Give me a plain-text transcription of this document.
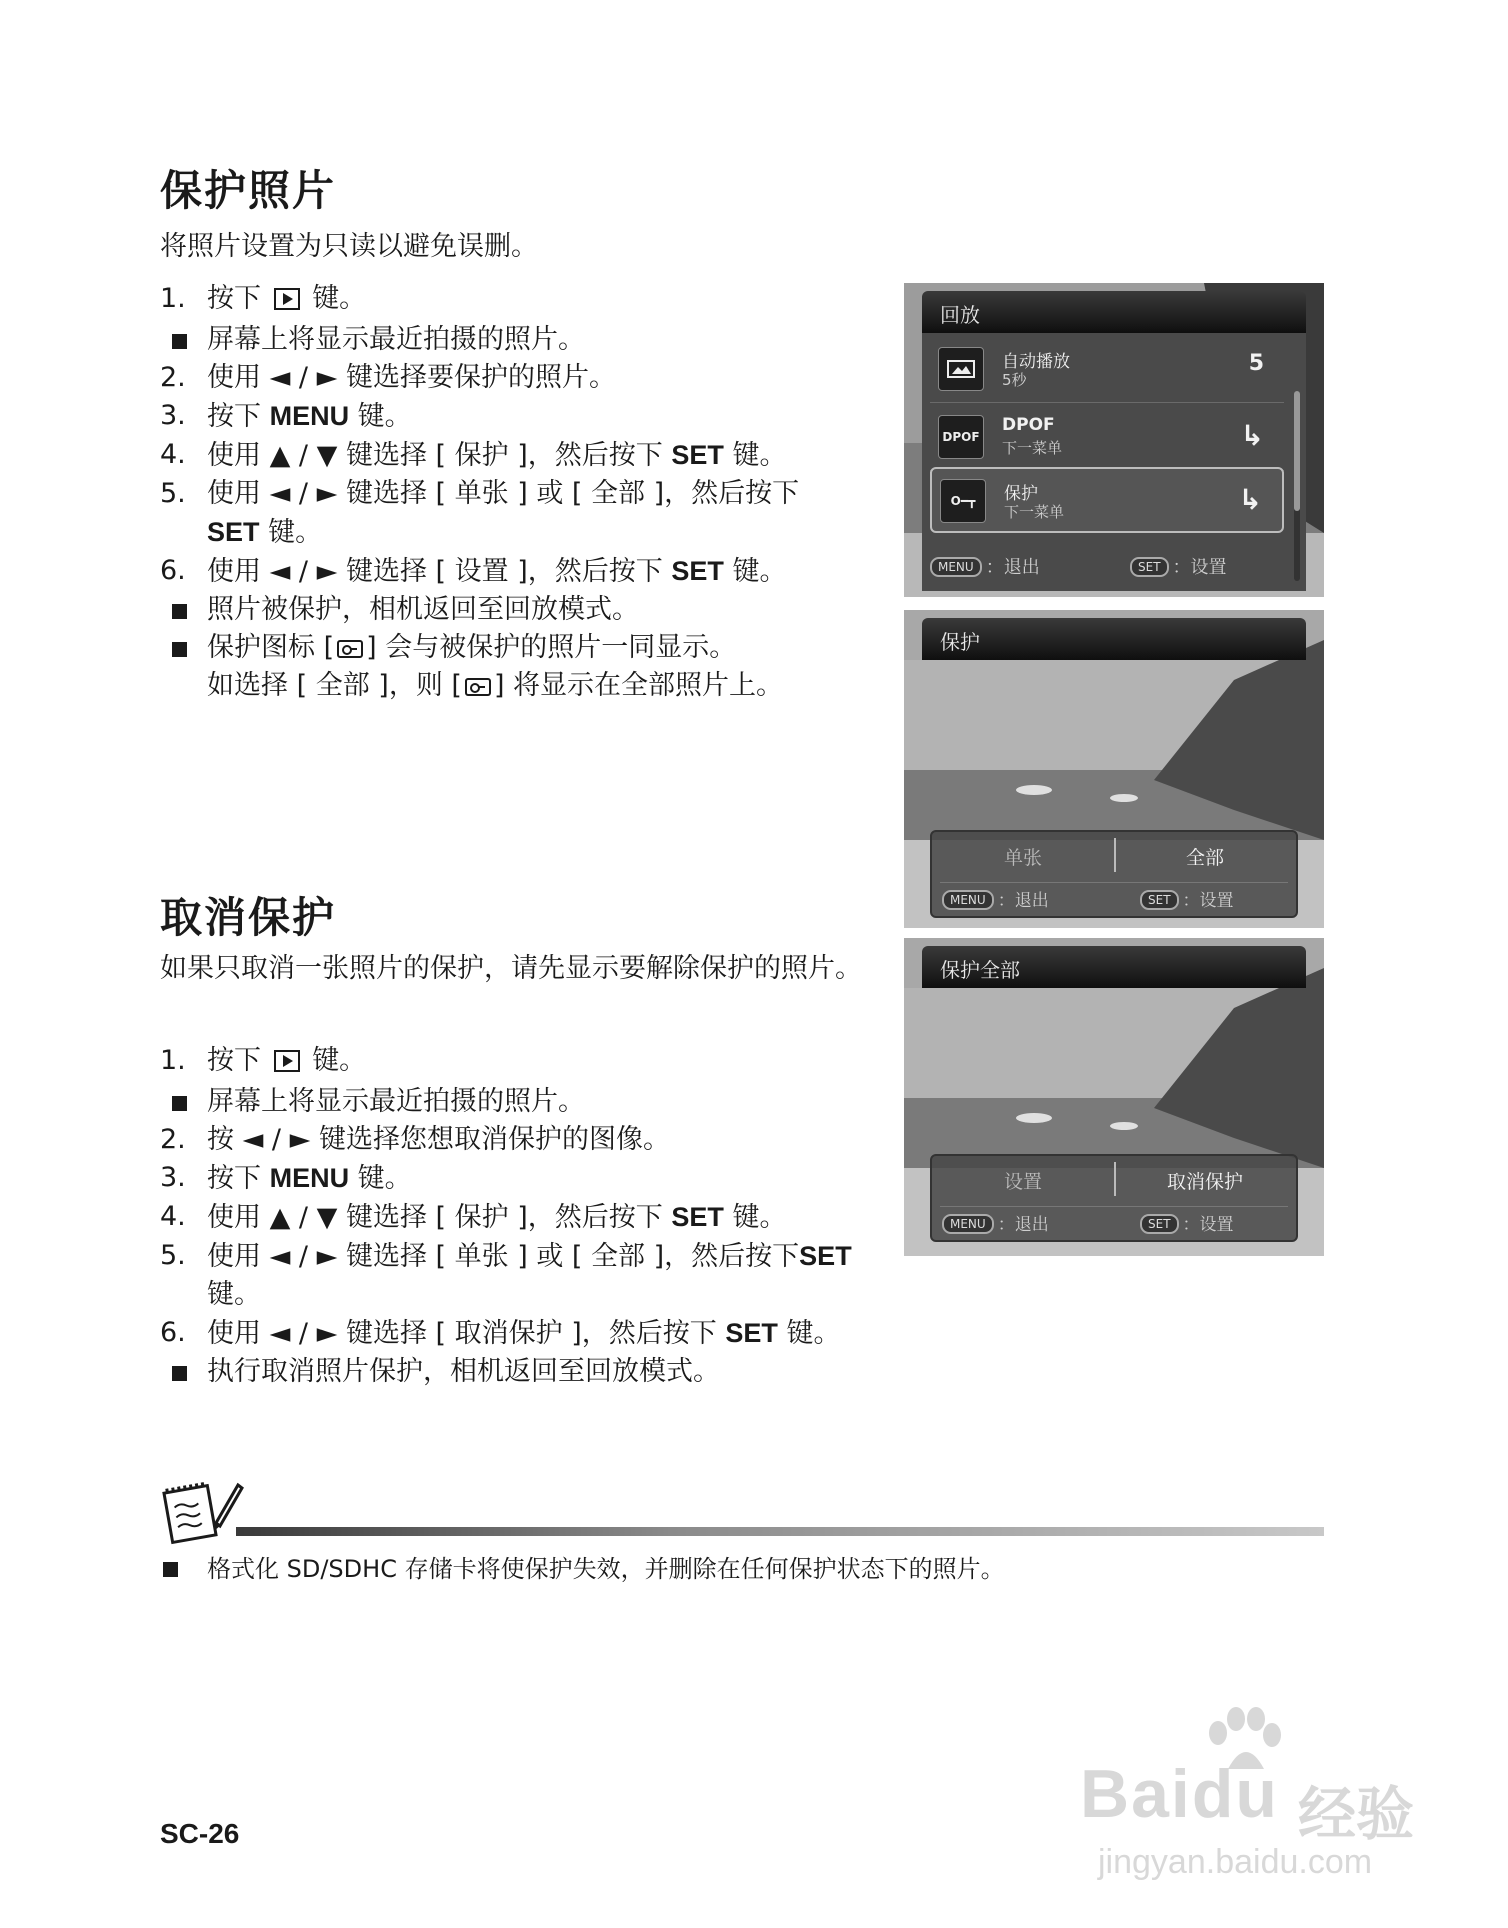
保护照片
将照片设置为只读以避免误删。
1. 按下 键。
屏幕上将显示最近拍摄的照片。
2. 使用 ◄ / ► 键选择要保护的照片。
3. 按下 MENU 键。
4. 使用 ▲ / ▼ 键选择 [ 保护 ]，然后按下 SET 键。
5. 使用 ◄ / ► 键选择 [ 单张 ] 或 [ 全部 ]，然后按下
SET 键。
6. 使用 ◄ / ► 键选择 [ 设置 ]，然后按下 SET 键。
照片被保护，相机返回至回放模式。
保护图标 [ ] 会与被保护的照片一同显示。
如选择 [ 全部 ]，则 [ ] 将显示在全部照片上。
取消保护
如果只取消一张照片的保护，请先显示要解除保护的照片。
1. 按下 键。
屏幕上将显示最近拍摄的照片。
2. 按 ◄ / ► 键选择您想取消保护的图像。
3. 按下 MENU 键。
4. 使用 ▲ / ▼ 键选择 [ 保护 ]，然后按下 SET 键。
5. 使用 ◄ / ► 键选择 [ 单张 ] 或 [ 全部 ]，然后按下SET
键。
6. 使用 ◄ / ► 键选择 [ 取消保护 ]，然后按下 SET 键。
执行取消照片保护，相机返回至回放模式。
回放
自动播放
5秒
5
DPOF
DPOF
下一菜单	↳
O━┳	保护
下一菜单	↳
MENU ：退出	SET ：设置
保护
单张	全部
MENU ：退出	SET ：设置
保护全部
设置	取消保护
MENU ：退出	SET ：设置
格式化 SD/SDHC 存储卡将使保护失效，并删除在任何保护状态下的照片。
SC-26
Baidu 经验
jingyan.baidu.com
